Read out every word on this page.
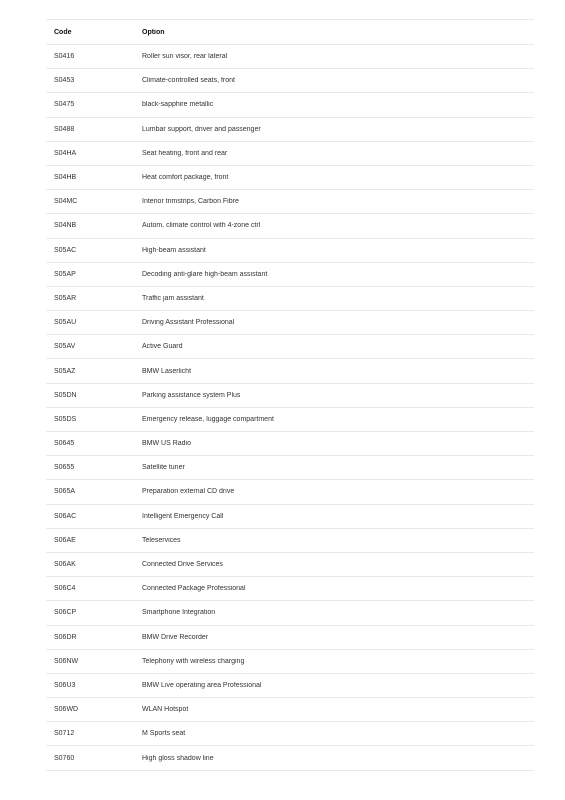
Code	Option
S0416	Roller sun visor, rear lateral
S0453	Climate-controlled seats, front
S0475	black-sapphire metallic
S0488	Lumbar support, driver and passenger
S04HA	Seat heating, front and rear
S04HB	Heat comfort package, front
S04MC	Interior trimstrips, Carbon Fibre
S04NB	Autom. climate control with 4-zone ctrl
S05AC	High-beam assistant
S05AP	Decoding anti-glare high-beam assistant
S05AR	Traffic jam assistant
S05AU	Driving Assistant Professional
S05AV	Active Guard
S05AZ	BMW Laserlicht
S05DN	Parking assistance system Plus
S05DS	Emergency release, luggage compartment
S0645	BMW US Radio
S0655	Satellite tuner
S065A	Preparation external CD drive
S06AC	Intelligent Emergency Call
S06AE	Teleservices
S06AK	Connected Drive Services
S06C4	Connected Package Professional
S06CP	Smartphone Integration
S06DR	BMW Drive Recorder
S06NW	Telephony with wireless charging
S06U3	BMW Live operating area Professional
S06WD	WLAN Hotspot
S0712	M Sports seat
S0760	High gloss shadow line
